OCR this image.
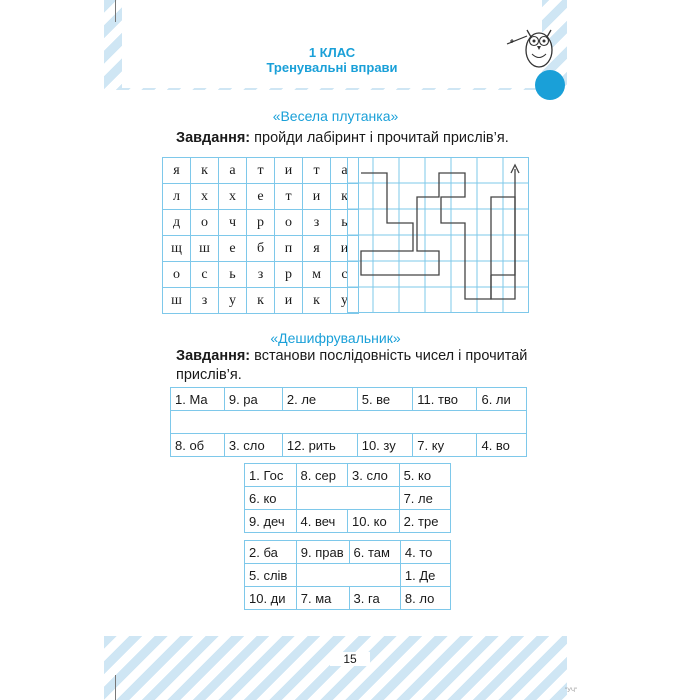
1 КЛАС
Тренувальні вправи
«Весела плутанка»
Завдання: пройди лабіринт і прочитай прислів’я.
я	к	а	т	и	т	а
л	х	х	е	т	и	к
д	о	ч	р	о	з	ь
щ	ш	е	б	п	я	и
о	с	ь	з	р	м	с
ш	з	у	к	и	к	у
«Дешифрувальник»
Завдання: встанови послідовність чисел і прочитай прислів’я.
1. Ма	9. ра	2. ле	5. ве	11. тво	6. ли

8. об	3. сло	12. рить	10. зу	7. ку	4. во
1. Гос	8. сер	3. сло	5. ко
6. ко			7. ле
9. деч	4. веч	10. ко	2. тре
2. ба	9. прав	6. там	4. то
5. слів			1. Де
10. ди	7. ма	3. га	8. ло
15
"УЧ"
